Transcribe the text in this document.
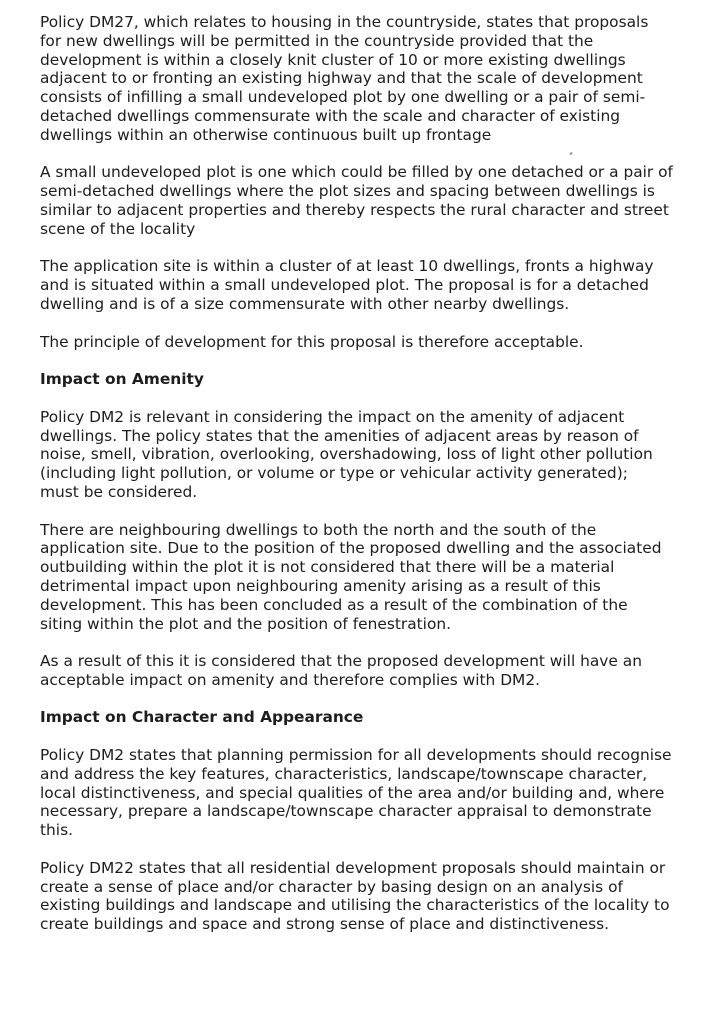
Policy DM27, which relates to housing in the countryside, states that proposals
for new dwellings will be permitted in the countryside provided that the
development is within a closely knit cluster of 10 or more existing dwellings
adjacent to or fronting an existing highway and that the scale of development
consists of infilling a small undeveloped plot by one dwelling or a pair of semi-
detached dwellings commensurate with the scale and character of existing
dwellings within an otherwise continuous built up frontage

A small undeveloped plot is one which could be filled by one detached or a pair of
semi-detached dwellings where the plot sizes and spacing between dwellings is
similar to adjacent properties and thereby respects the rural character and street
scene of the locality

The application site is within a cluster of at least 10 dwellings, fronts a highway
and is situated within a small undeveloped plot. The proposal is for a detached
dwelling and is of a size commensurate with other nearby dwellings.

The principle of development for this proposal is therefore acceptable.

Impact on Amenity

Policy DM2 is relevant in considering the impact on the amenity of adjacent
dwellings. The policy states that the amenities of adjacent areas by reason of
noise, smell, vibration, overlooking, overshadowing, loss of light other pollution
(including light pollution, or volume or type or vehicular activity generated);
must be considered.

There are neighbouring dwellings to both the north and the south of the
application site. Due to the position of the proposed dwelling and the associated
outbuilding within the plot it is not considered that there will be a material
detrimental impact upon neighbouring amenity arising as a result of this
development. This has been concluded as a result of the combination of the
siting within the plot and the position of fenestration.

As a result of this it is considered that the proposed development will have an
acceptable impact on amenity and therefore complies with DM2.

Impact on Character and Appearance

Policy DM2 states that planning permission for all developments should recognise
and address the key features, characteristics, landscape/townscape character,
local distinctiveness, and special qualities of the area and/or building and, where
necessary, prepare a landscape/townscape character appraisal to demonstrate
this.

Policy DM22 states that all residential development proposals should maintain or
create a sense of place and/or character by basing design on an analysis of
existing buildings and landscape and utilising the characteristics of the locality to
create buildings and space and strong sense of place and distinctiveness.
